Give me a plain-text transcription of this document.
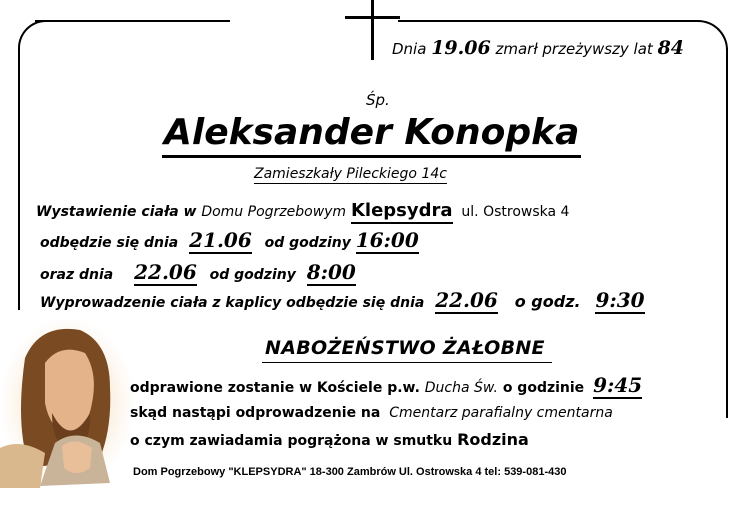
Dnia 19.06 zmarł przeżywszy lat 84
Śp.
Aleksander Konopka
Zamieszkały Pileckiego 14c
Wystawienie ciała w Domu Pogrzebowym Klepsydra ul. Ostrowska 4
odbędzie się dnia 21.06 od godziny 16:00
oraz dnia 22.06 od godziny 8:00
Wyprowadzenie ciała z kaplicy odbędzie się dnia 22.06 o godz. 9:30
NABOŻEŃSTWO ŻAŁOBNE
odprawione zostanie w Kościele p.w. Ducha Św. o godzinie 9:45
skąd nastąpi odprowadzenie na Cmentarz parafialny cmentarna
o czym zawiadamia pogrążona w smutku Rodzina
Dom Pogrzebowy "KLEPSYDRA" 18-300 Zambrów Ul. Ostrowska 4 tel: 539-081-430
